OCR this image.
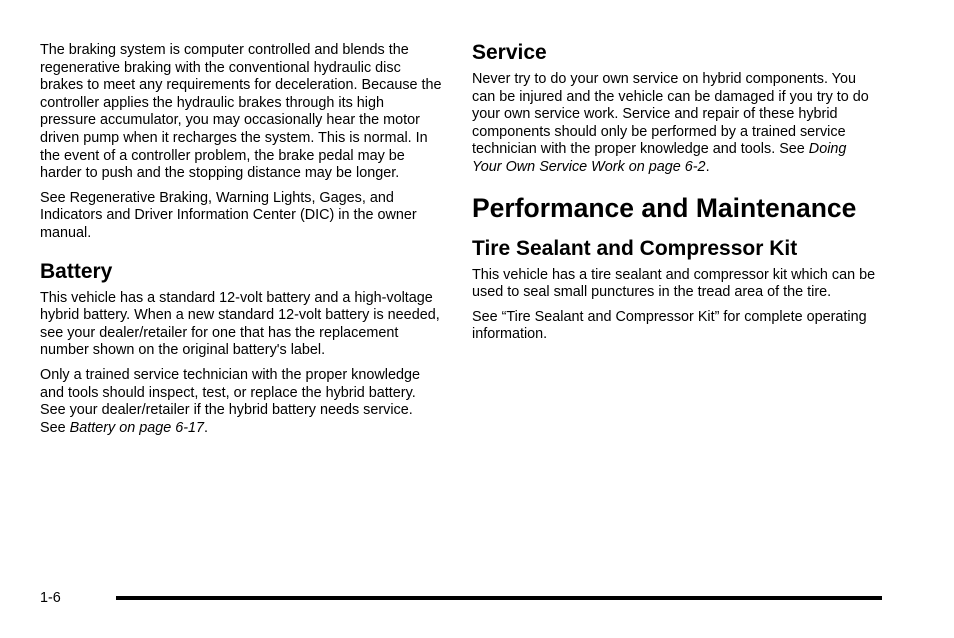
The braking system is computer controlled and blends the regenerative braking with the conventional hydraulic disc brakes to meet any requirements for deceleration. Because the controller applies the hydraulic brakes through its high pressure accumulator, you may occasionally hear the motor driven pump when it recharges the system. This is normal. In the event of a controller problem, the brake pedal may be harder to push and the stopping distance may be longer.

See Regenerative Braking, Warning Lights, Gages, and Indicators and Driver Information Center (DIC) in the owner manual.

Battery

This vehicle has a standard 12-volt battery and a high-voltage hybrid battery. When a new standard 12-volt battery is needed, see your dealer/retailer for one that has the replacement number shown on the original battery's label.

Only a trained service technician with the proper knowledge and tools should inspect, test, or replace the hybrid battery. See your dealer/retailer if the hybrid battery needs service. See Battery on page 6-17.

Service

Never try to do your own service on hybrid components. You can be injured and the vehicle can be damaged if you try to do your own service work. Service and repair of these hybrid components should only be performed by a trained service technician with the proper knowledge and tools. See Doing Your Own Service Work on page 6-2.

Performance and Maintenance
Tire Sealant and Compressor Kit

This vehicle has a tire sealant and compressor kit which can be used to seal small punctures in the tread area of the tire.

See “Tire Sealant and Compressor Kit” for complete operating information.

1-6
